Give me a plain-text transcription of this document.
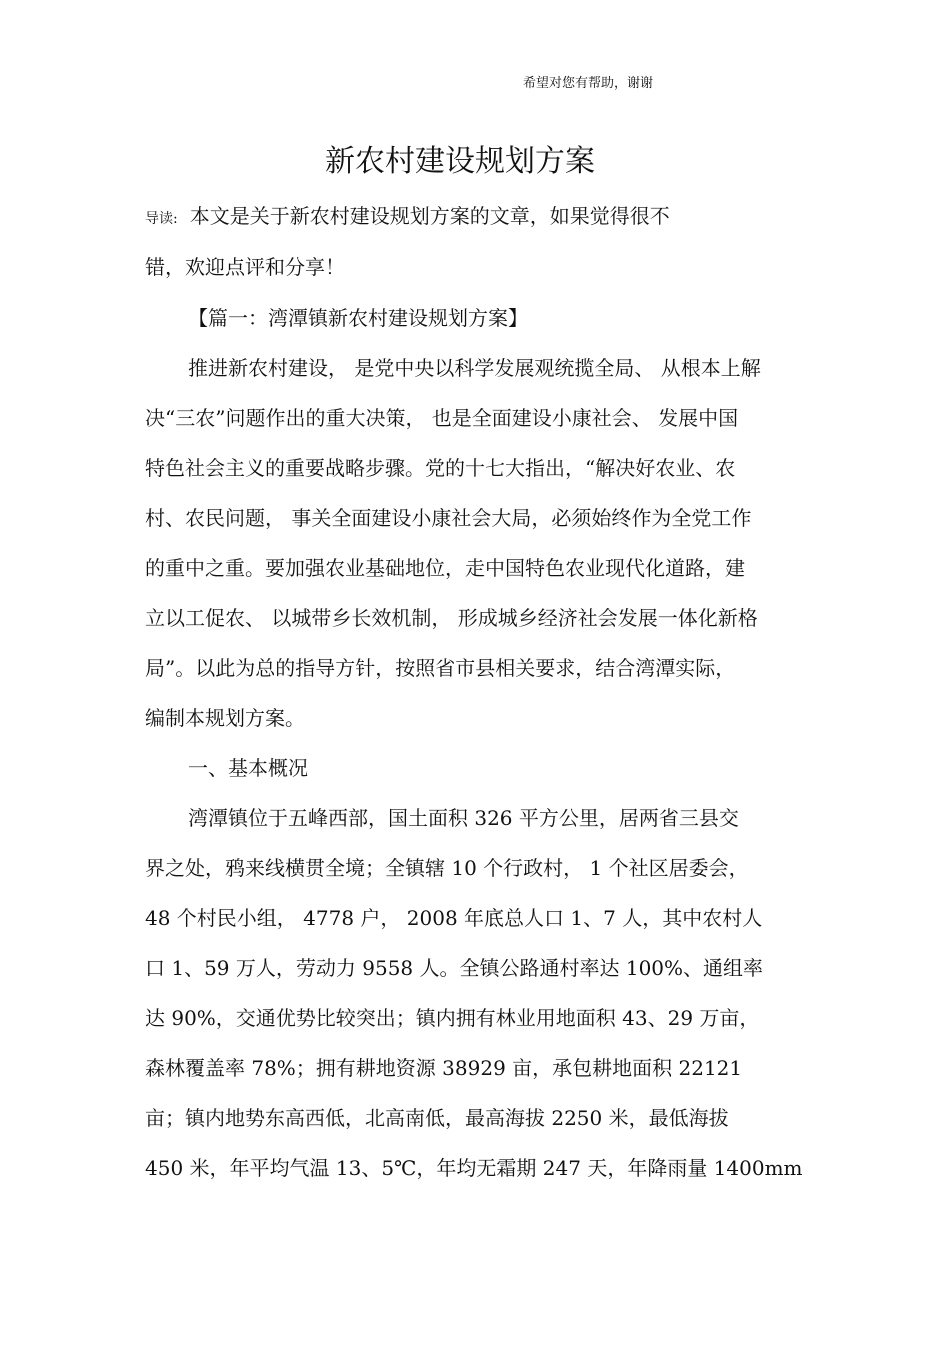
希望对您有帮助，谢谢
新农村建设规划方案
导读: 本文是关于新农村建设规划方案的文章，如果觉得很不
错，欢迎点评和分享！
【篇一：湾潭镇新农村建设规划方案】
推进新农村建设， 是党中央以科学发展观统揽全局、 从根本上解
决“三农”问题作出的重大决策， 也是全面建设小康社会、 发展中国
特色社会主义的重要战略步骤。党的十七大指出，“解决好农业、农
村、农民问题， 事关全面建设小康社会大局，必须始终作为全党工作
的重中之重。要加强农业基础地位，走中国特色农业现代化道路，建
立以工促农、 以城带乡长效机制， 形成城乡经济社会发展一体化新格
局”。以此为总的指导方针，按照省市县相关要求，结合湾潭实际，
编制本规划方案。
一、基本概况
湾潭镇位于五峰西部，国土面积 326 平方公里，居两省三县交
界之处，鸦来线横贯全境；全镇辖 10 个行政村， 1 个社区居委会，
48 个村民小组， 4778 户， 2008 年底总人口 1、7 人，其中农村人
口 1、59 万人，劳动力 9558 人。全镇公路通村率达 100%、通组率
达 90%，交通优势比较突出；镇内拥有林业用地面积 43、29 万亩，
森林覆盖率 78%；拥有耕地资源 38929 亩，承包耕地面积 22121
亩；镇内地势东高西低，北高南低，最高海拔 2250 米，最低海拔
450 米，年平均气温 13、5℃，年均无霜期 247 天，年降雨量 1400mm
